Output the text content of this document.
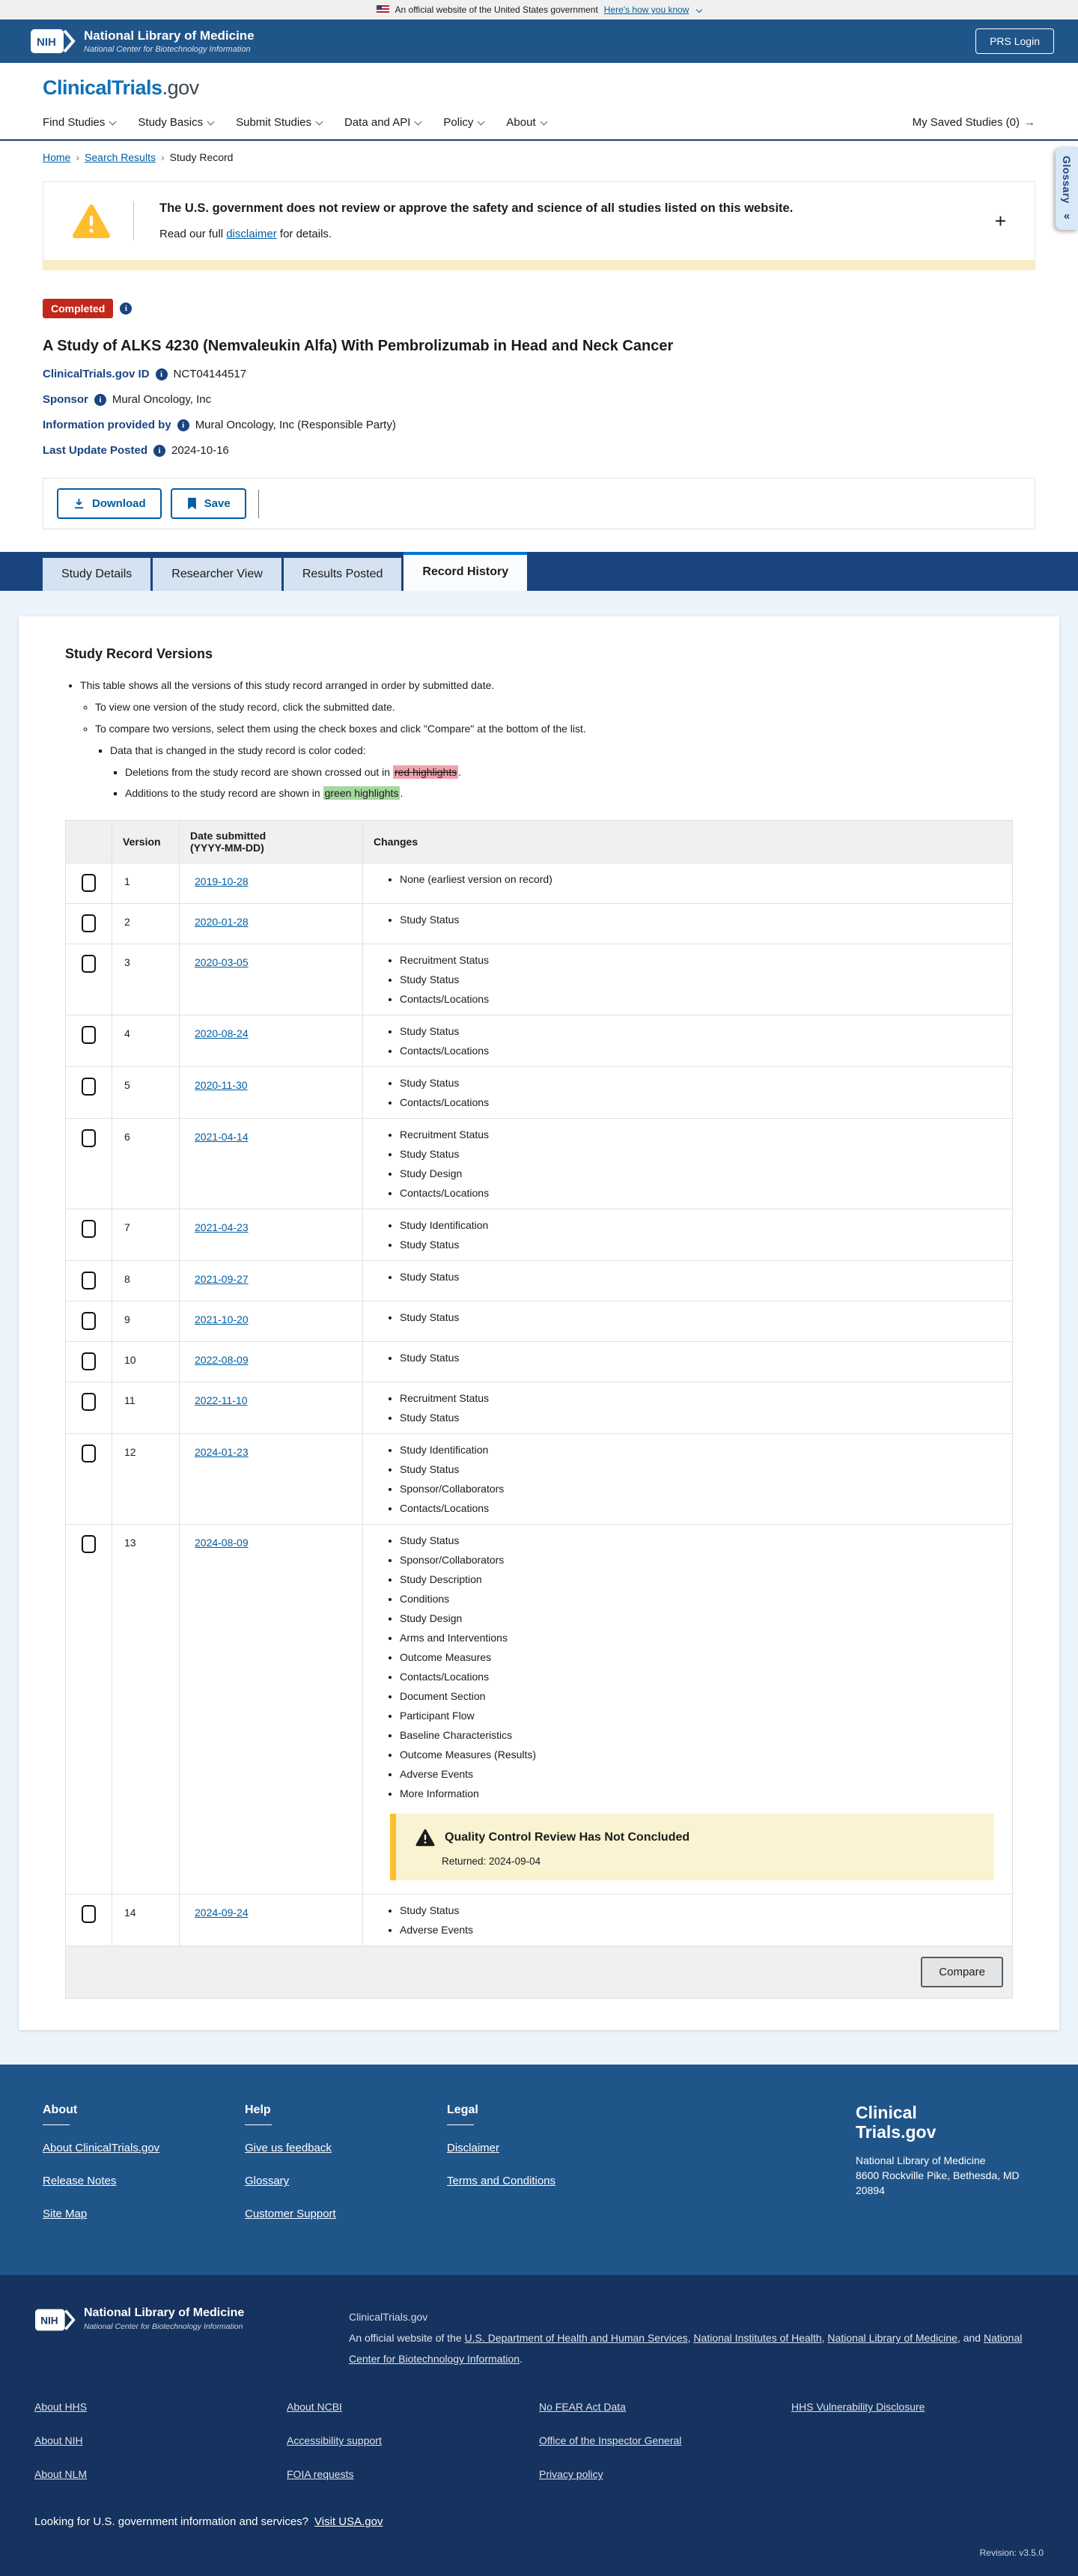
An official website of the United States government Here's how you know
NIH National Library of Medicine
National Center for Biotechnology Information
PRS Login
ClinicalTrials.gov
Find Studies	Study Basics	Submit Studies	Data and API	Policy	About	My Saved Studies (0) →
Home › Search Results › Study Record	Glossary
«
The U.S. government does not review or approve the safety and science of all studies listed on this website.
Read our full disclaimer for details.
+
Completed	i
A Study of ALKS 4230 (Nemvaleukin Alfa) With Pembrolizumab in Head and Neck Cancer
ClinicalTrials.gov ID	i NCT04144517
Sponsor	i Mural Oncology, Inc
Information provided by	i Mural Oncology, Inc (Responsible Party)
Last Update Posted	i 2024-10-16
Download	Save
Study Details	Researcher View	Results Posted	Record History
Study Record Versions
• This table shows all the versions of this study record arranged in order by submitted date.
◦ To view one version of the study record, click the submitted date.
◦ To compare two versions, select them using the check boxes and click "Compare" at the bottom of the list.
▪ Data that is changed in the study record is color coded:
▪ Deletions from the study record are shown crossed out in red highlights .
▪ Additions to the study record are shown in green highlights .
	Version	Date submitted
(YYYY-MM-DD)	Changes
	1	2019-10-28	
•None (earliest version on record)

	2	2020-01-28	
•Study Status

	3	2020-03-05	
•Recruitment Status
• Study Status
• Contacts/Locations

	4	2020-08-24	
•Study Status
• Contacts/Locations

	5	2020-11-30	
•Study Status
• Contacts/Locations

	6	2021-04-14	
•Recruitment Status
• Study Status
• Study Design
• Contacts/Locations

	7	2021-04-23	
•Study Identification
• Study Status

	8	2021-09-27	
•Study Status

	9	2021-10-20	
•Study Status

	10	2022-08-09	
•Study Status

	11	2022-11-10	
•Recruitment Status
• Study Status

	12	2024-01-23	
•Study Identification
• Study Status
• Sponsor/Collaborators
• Contacts/Locations

	13	2024-08-09	
•Study Status
• Sponsor/Collaborators
• Study Description
• Conditions
• Study Design
• Arms and Interventions
• Outcome Measures
• Contacts/Locations
• Document Section
• Participant Flow
• Baseline Characteristics
• Outcome Measures (Results)
• Adverse Events
• More Information
Quality Control Review Has Not Concluded
Returned: 2024-09-04

	14	2024-09-24	
•Study Status
• Adverse Events
Compare
About
About ClinicalTrials.gov
Release Notes
Site Map
Help
Give us feedback
Glossary
Customer Support
Legal
Disclaimer
Terms and Conditions
Clinical
Trials.gov
National Library of Medicine
8600 Rockville Pike, Bethesda, MD
20894
NIH
National Library of Medicine
National Center for Biotechnology Information
ClinicalTrials.gov
An official website of the U.S. Department of Health and Human Services, National Institutes of Health, National Library of Medicine, and National Center for Biotechnology Information.
About HHS
About NIH
About NLM
About NCBI
Accessibility support
FOIA requests
No FEAR Act Data
Office of the Inspector General
Privacy policy
HHS Vulnerability Disclosure
Looking for U.S. government information and services? Visit USA.gov
Revision: v3.5.0
